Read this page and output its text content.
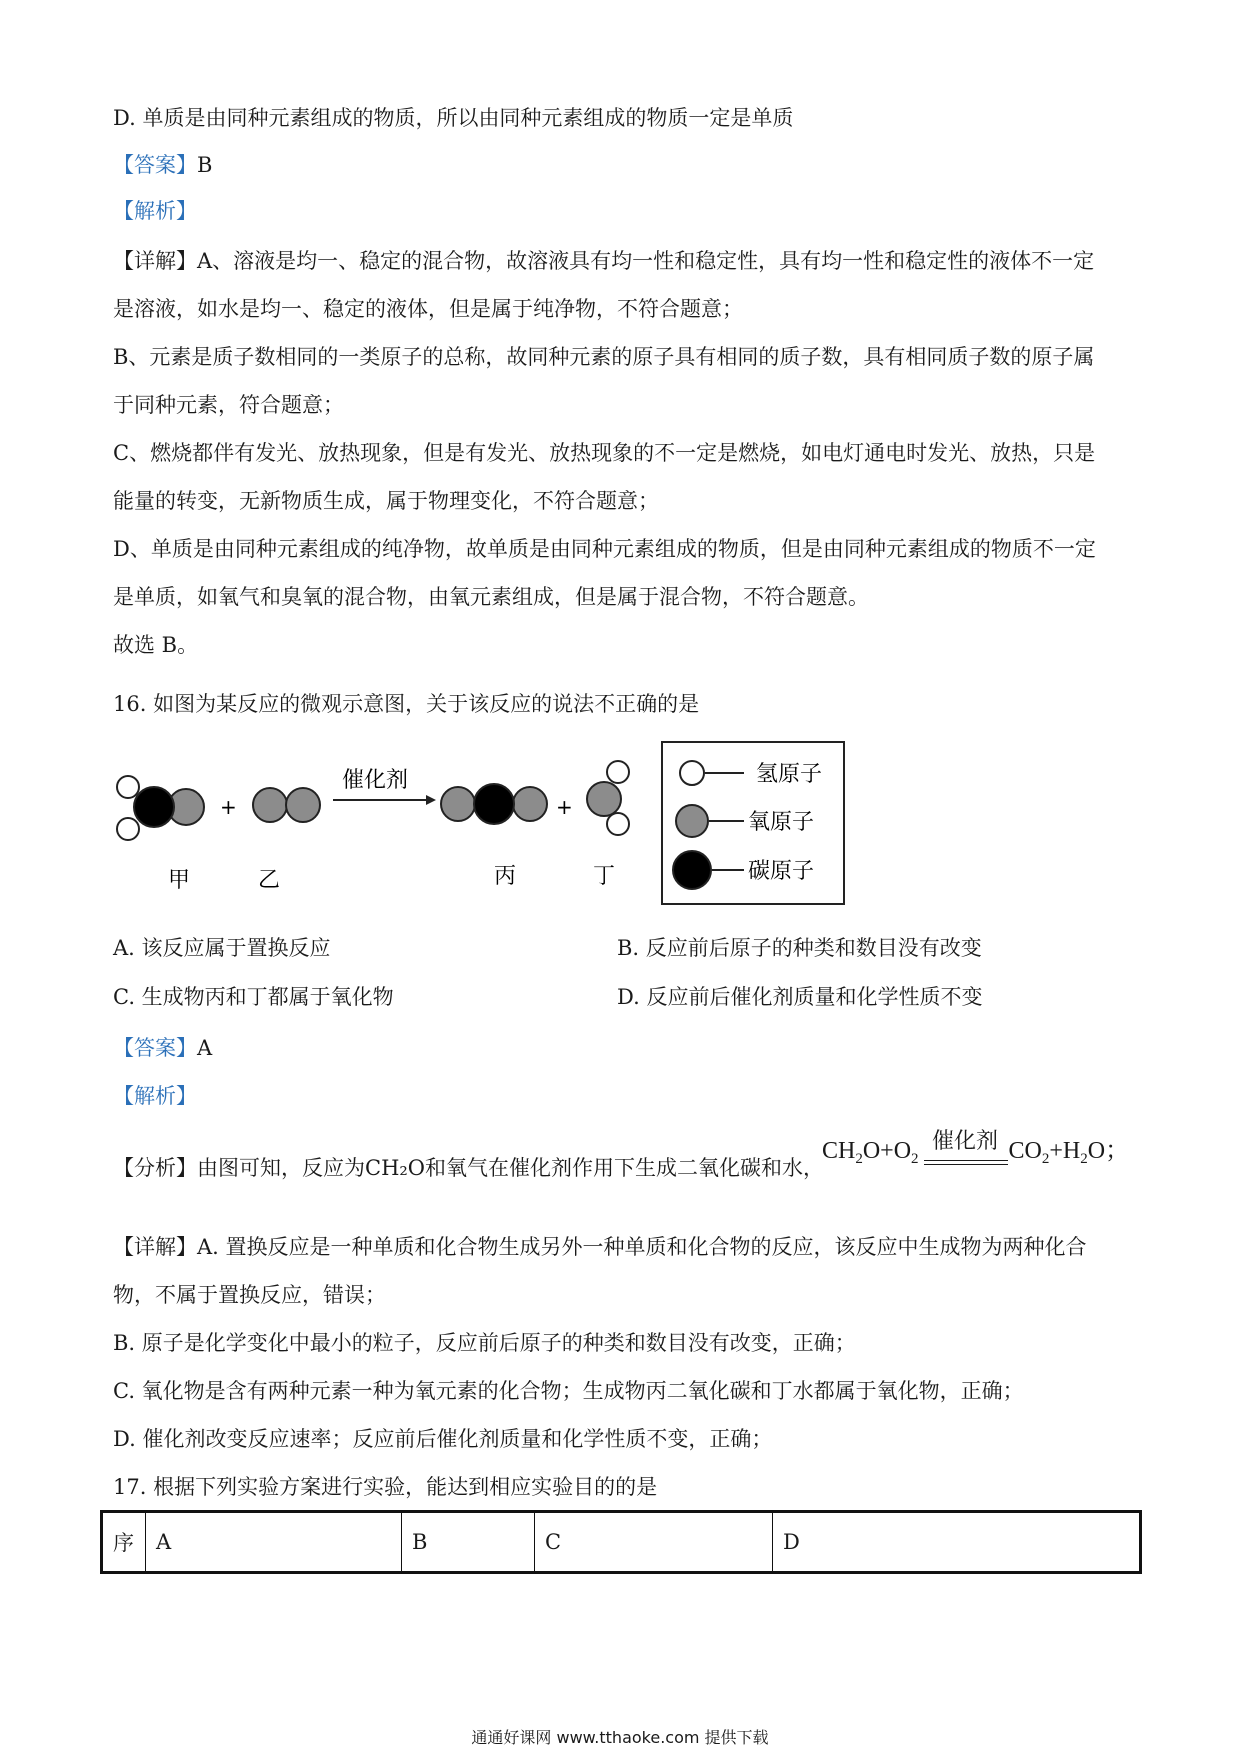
D. 单质是由同种元素组成的物质，所以由同种元素组成的物质一定是单质
【答案】B
【解析】
【详解】A、溶液是均一、稳定的混合物，故溶液具有均一性和稳定性，具有均一性和稳定性的液体不一定
是溶液，如水是均一、稳定的液体，但是属于纯净物，不符合题意；
B、元素是质子数相同的一类原子的总称，故同种元素的原子具有相同的质子数，具有相同质子数的原子属
于同种元素，符合题意；
C、燃烧都伴有发光、放热现象，但是有发光、放热现象的不一定是燃烧，如电灯通电时发光、放热，只是
能量的转变，无新物质生成，属于物理变化，不符合题意；
D、单质是由同种元素组成的纯净物，故单质是由同种元素组成的物质，但是由同种元素组成的物质不一定
是单质，如氧气和臭氧的混合物，由氧元素组成，但是属于混合物，不符合题意。
故选 B。
16. 如图为某反应的微观示意图，关于该反应的说法不正确的是
+
催化剂
+
甲	乙	丙	丁
氢原子
氧原子
碳原子
A. 该反应属于置换反应	B. 反应前后原子的种类和数目没有改变
C. 生成物丙和丁都属于氧化物	D. 反应前后催化剂质量和化学性质不变
【答案】A
【解析】
【分析】由图可知，反应为CH₂O和氧气在催化剂作用下生成二氧化碳和水，
催化剂
$CH_2O+O_2$	$CO_2+H_2O$；
【详解】A. 置换反应是一种单质和化合物生成另外一种单质和化合物的反应，该反应中生成物为两种化合
物，不属于置换反应，错误；
B. 原子是化学变化中最小的粒子，反应前后原子的种类和数目没有改变，正确；
C. 氧化物是含有两种元素一种为氧元素的化合物；生成物丙二氧化碳和丁水都属于氧化物，正确；
D. 催化剂改变反应速率；反应前后催化剂质量和化学性质不变，正确；
17. 根据下列实验方案进行实验，能达到相应实验目的的是
序	A	B	C	D
通通好课网 www.tthaoke.com 提供下载
